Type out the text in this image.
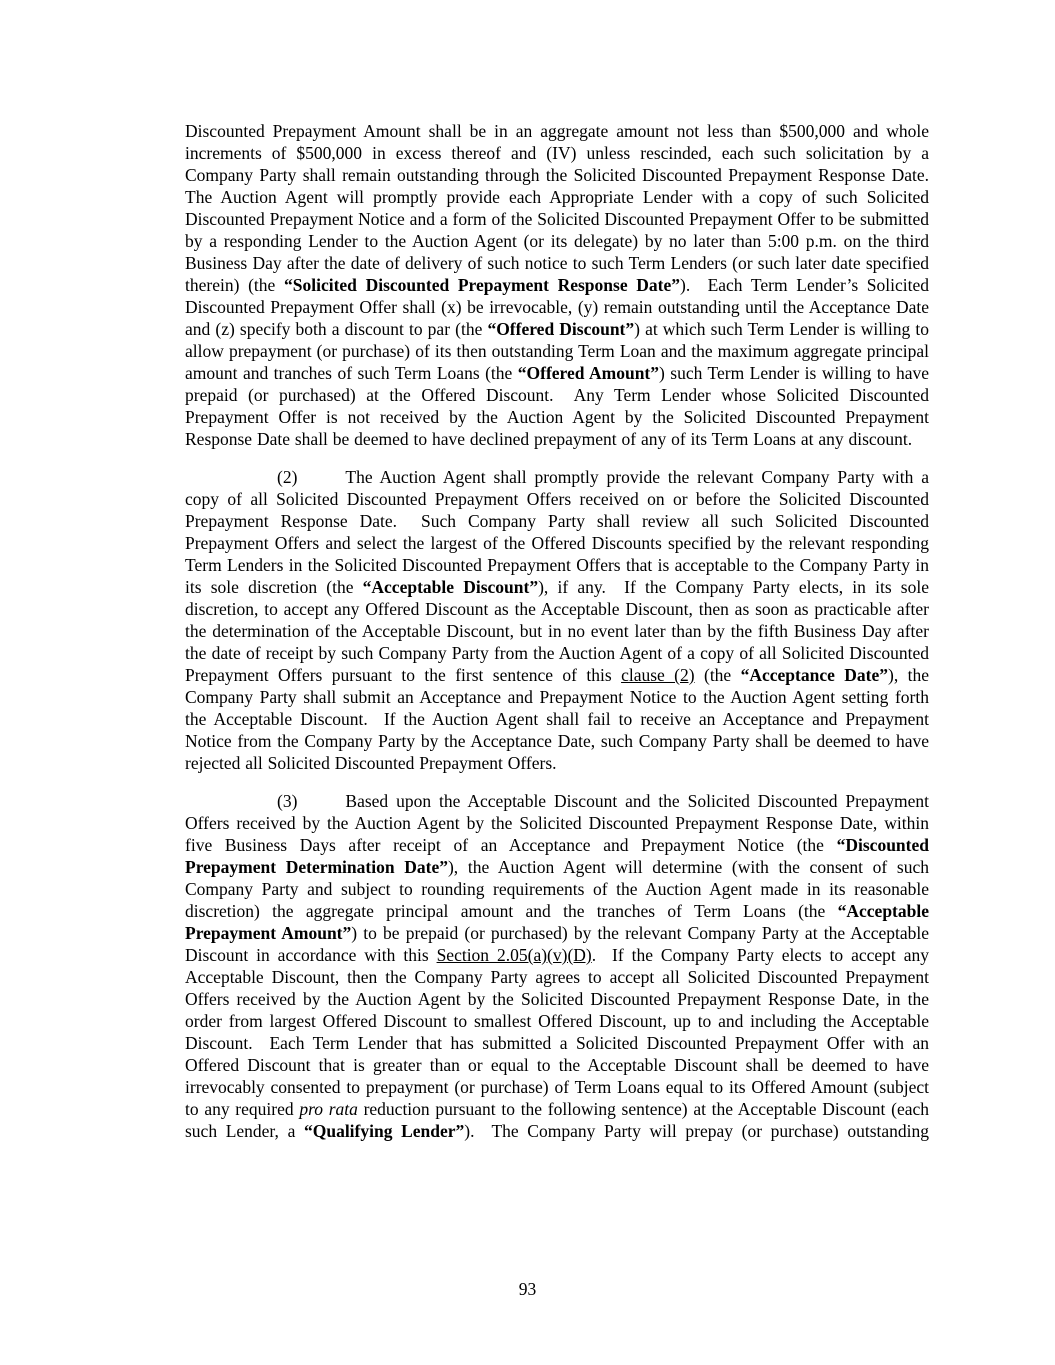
Discounted Prepayment Amount shall be in an aggregate amount not less than $500,000 and whole increments of $500,000 in excess thereof and (IV) unless rescinded, each such solicitation by a Company Party shall remain outstanding through the Solicited Discounted Prepayment Response Date.  The Auction Agent will promptly provide each Appropriate Lender with a copy of such Solicited Discounted Prepayment Notice and a form of the Solicited Discounted Prepayment Offer to be submitted by a responding Lender to the Auction Agent (or its delegate) by no later than 5:00 p.m. on the third Business Day after the date of delivery of such notice to such Term Lenders (or such later date specified therein) (the “Solicited Discounted Prepayment Response Date”).  Each Term Lender’s Solicited Discounted Prepayment Offer shall (x) be irrevocable, (y) remain outstanding until the Acceptance Date and (z) specify both a discount to par (the “Offered Discount”) at which such Term Lender is willing to allow prepayment (or purchase) of its then outstanding Term Loan and the maximum aggregate principal amount and tranches of such Term Loans (the “Offered Amount”) such Term Lender is willing to have prepaid (or purchased) at the Offered Discount.  Any Term Lender whose Solicited Discounted Prepayment Offer is not received by the Auction Agent by the Solicited Discounted Prepayment Response Date shall be deemed to have declined prepayment of any of its Term Loans at any discount.

(2)	The Auction Agent shall promptly provide the relevant Company Party with a copy of all Solicited Discounted Prepayment Offers received on or before the Solicited Discounted Prepayment Response Date.  Such Company Party shall review all such Solicited Discounted Prepayment Offers and select the largest of the Offered Discounts specified by the relevant responding Term Lenders in the Solicited Discounted Prepayment Offers that is acceptable to the Company Party in its sole discretion (the “Acceptable Discount”), if any.  If the Company Party elects, in its sole discretion, to accept any Offered Discount as the Acceptable Discount, then as soon as practicable after the determination of the Acceptable Discount, but in no event later than by the fifth Business Day after the date of receipt by such Company Party from the Auction Agent of a copy of all Solicited Discounted Prepayment Offers pursuant to the first sentence of this clause (2) (the “Acceptance Date”), the Company Party shall submit an Acceptance and Prepayment Notice to the Auction Agent setting forth the Acceptable Discount.  If the Auction Agent shall fail to receive an Acceptance and Prepayment Notice from the Company Party by the Acceptance Date, such Company Party shall be deemed to have rejected all Solicited Discounted Prepayment Offers.

(3)	Based upon the Acceptable Discount and the Solicited Discounted Prepayment Offers received by the Auction Agent by the Solicited Discounted Prepayment Response Date, within five Business Days after receipt of an Acceptance and Prepayment Notice (the “Discounted Prepayment Determination Date”), the Auction Agent will determine (with the consent of such Company Party and subject to rounding requirements of the Auction Agent made in its reasonable discretion) the aggregate principal amount and the tranches of Term Loans (the “Acceptable Prepayment Amount”) to be prepaid (or purchased) by the relevant Company Party at the Acceptable Discount in accordance with this Section 2.05(a)(v)(D).  If the Company Party elects to accept any Acceptable Discount, then the Company Party agrees to accept all Solicited Discounted Prepayment Offers received by the Auction Agent by the Solicited Discounted Prepayment Response Date, in the order from largest Offered Discount to smallest Offered Discount, up to and including the Acceptable Discount.  Each Term Lender that has submitted a Solicited Discounted Prepayment Offer with an Offered Discount that is greater than or equal to the Acceptable Discount shall be deemed to have irrevocably consented to prepayment (or purchase) of Term Loans equal to its Offered Amount (subject to any required pro rata reduction pursuant to the following sentence) at the Acceptable Discount (each such Lender, a “Qualifying Lender”).  The Company Party will prepay (or purchase) outstanding

93
